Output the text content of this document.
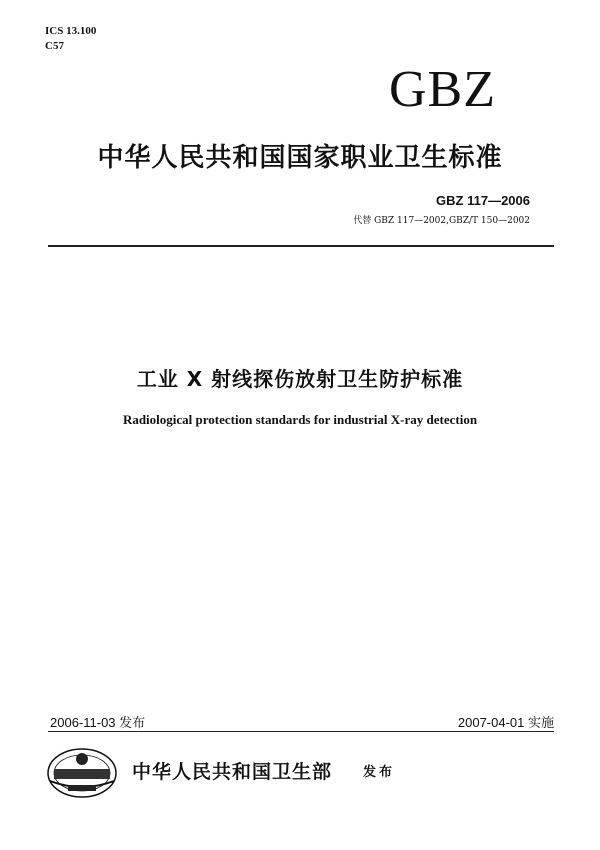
ICS 13.100
C57
GBZ
中华人民共和国国家职业卫生标准
GBZ 117—2006
代替 GBZ 117—2002,GBZ/T 150—2002
工业 X 射线探伤放射卫生防护标准
Radiological protection standards for industrial X-ray detection
2006-11-03 发布	2007-04-01 实施
中华人民共和国卫生部 发布
